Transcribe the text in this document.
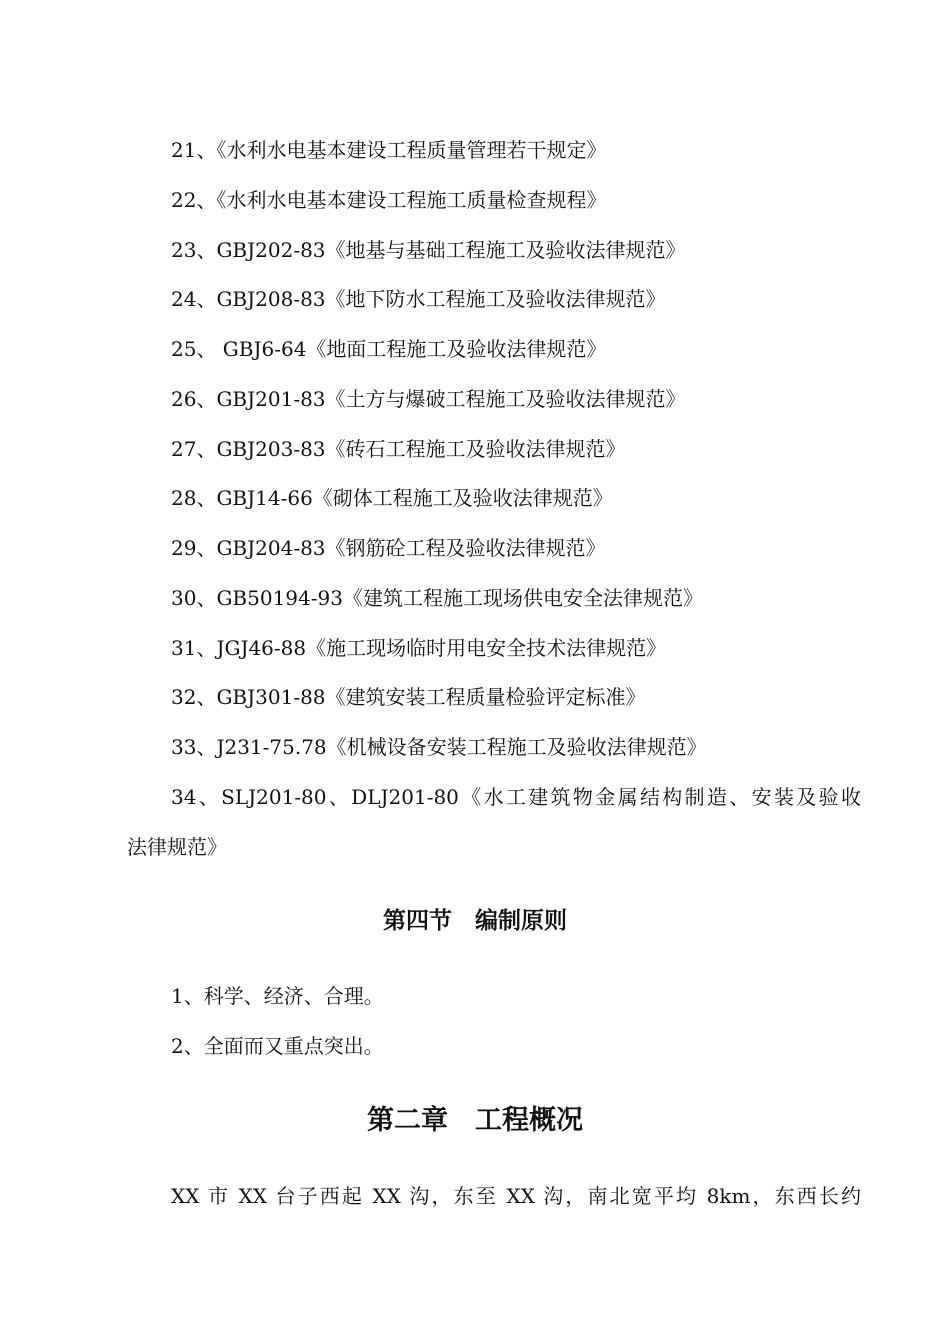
21、《水利水电基本建设工程质量管理若干规定》
22、《水利水电基本建设工程施工质量检查规程》
23、GBJ202-83《地基与基础工程施工及验收法律规范》
24、GBJ208-83《地下防水工程施工及验收法律规范》
25、 GBJ6-64《地面工程施工及验收法律规范》
26、GBJ201-83《土方与爆破工程施工及验收法律规范》
27、GBJ203-83《砖石工程施工及验收法律规范》
28、GBJ14-66《砌体工程施工及验收法律规范》
29、GBJ204-83《钢筋砼工程及验收法律规范》
30、GB50194-93《建筑工程施工现场供电安全法律规范》
31、JGJ46-88《施工现场临时用电安全技术法律规范》
32、GBJ301-88《建筑安装工程质量检验评定标准》
33、J231-75.78《机械设备安装工程施工及验收法律规范》
34、SLJ201-80、DLJ201-80《水工建筑物金属结构制造、安装及验收
法律规范》
第四节　编制原则
1、科学、经济、合理。
2、全面而又重点突出。
第二章　工程概况
XX 市 XX 台子西起 XX 沟，东至 XX 沟，南北宽平均 8km，东西长约
